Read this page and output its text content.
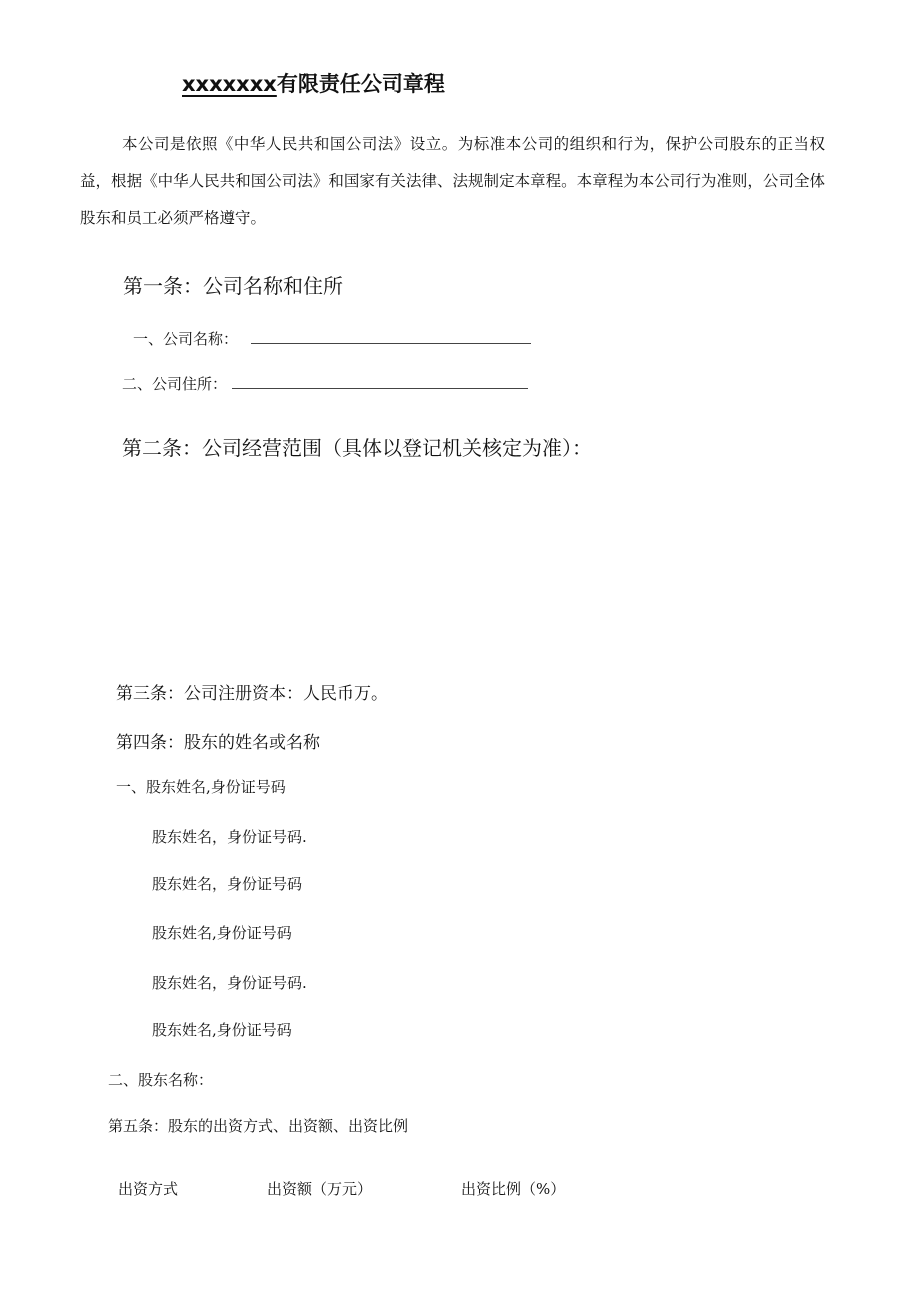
xxxxxxx有限责任公司章程
本公司是依照《中华人民共和国公司法》设立。为标准本公司的组织和行为，保护公司股东的正当权益，根据《中华人民共和国公司法》和国家有关法律、法规制定本章程。本章程为本公司行为准则，公司全体股东和员工必须严格遵守。
第一条：公司名称和住所
一、公司名称：
二、公司住所：
第二条：公司经营范围（具体以登记机关核定为准）：
第三条：公司注册资本：人民币万。
第四条：股东的姓名或名称
一、股东姓名,身份证号码
股东姓名，身份证号码.
股东姓名，身份证号码
股东姓名,身份证号码
股东姓名，身份证号码.
股东姓名,身份证号码
二、股东名称：
第五条：股东的出资方式、出资额、出资比例
出资方式	出资额（万元）	出资比例（%）
